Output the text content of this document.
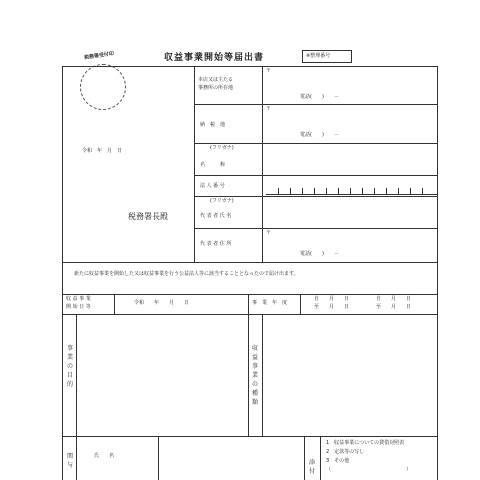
税務署受付印	収益事業開始等届出書	※整理番号
令和　年　月　日
税務署長殿
本店又は主たる
事務所の所在地
〒
電話(　　)　　－
〒
納　税　地
電話(　　)　　－
(フリガナ)
名　　　称
法 人 番 号
(フリガナ)
代 表 者 氏 名
〒
代 表 者 住 所
電話(　　)　　－
新たに収益事業を開始した又は収益事業を行う公益法人等に該当することとなったので届け出ます。
収 益 事 業
開 始 日 等
令和　　年　　月　　日	事　業　年　度
自　　月　　日
至　　月　　日
自　　月　　日
至　　月　　日
事業の目的
収益事業の種類
関与
氏　　名
添付
1　収益事業についての貸借対照表
2　定款等の写し
3　その他
（　　　　　　　　　　　　　　　）
